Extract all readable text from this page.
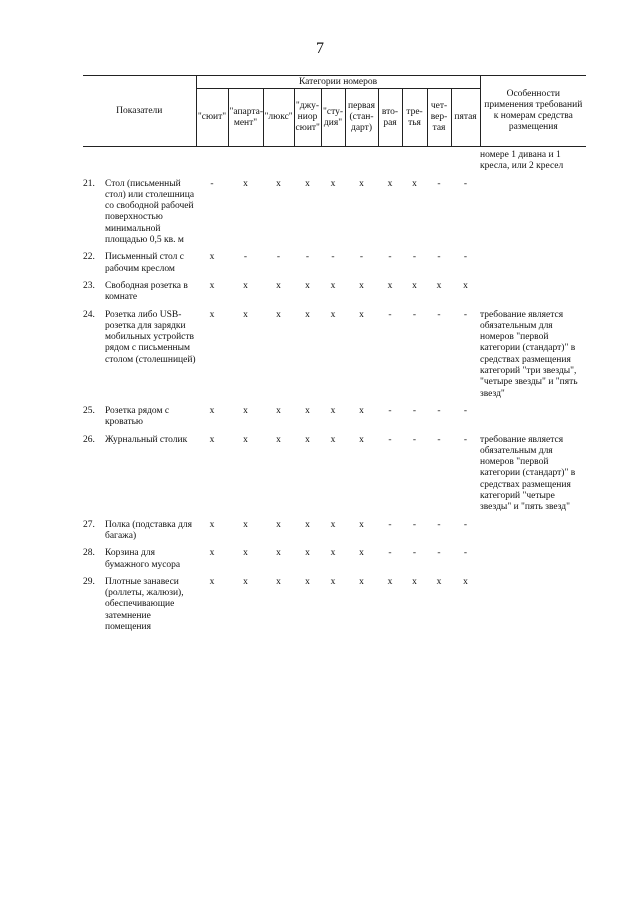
7
Показатели	Категории номеров										Особенности применения требований к номерам средства размещения
	"сюит"	"апарта-мент"	"люкс"	"джу-ниор сюит"	"сту-дия"	первая (стан-дарт)	вто-рая	тре-тья	чет-вер-тая	пятая	
												номере 1 дивана и 1 кресла, или 2 кресел

21.	Стол (письменный стол) или столешница со свободной рабочей поверхностью минимальной площадью 0,5 кв. м	-	x	x	x	x	x	x	x	-	-	

22.	Письменный стол с рабочим креслом	x	-	-	-	-	-	-	-	-	-	

23.	Свободная розетка в комнате	x	x	x	x	x	x	x	x	x	x	

24.	Розетка либо USB-розетка для зарядки мобильных устройств рядом с письменным столом (столешницей)	x	x	x	x	x	x	-	-	-	-	требование является обязательным для номеров "первой категории (стандарт)" в средствах размещения категорий "три звезды", "четыре звезды" и "пять звезд"

25.	Розетка рядом с кроватью	x	x	x	x	x	x	-	-	-	-	

26.	Журнальный столик	x	x	x	x	x	x	-	-	-	-	требование является обязательным для номеров "первой категории (стандарт)" в средствах размещения категорий "четыре звезды" и "пять звезд"

27.	Полка (подставка для багажа)	x	x	x	x	x	x	-	-	-	-	

28.	Корзина для бумажного мусора	x	x	x	x	x	x	-	-	-	-	

29.	Плотные занавеси (роллеты, жалюзи), обеспечивающие затемнение помещения	x	x	x	x	x	x	x	x	x	x	
